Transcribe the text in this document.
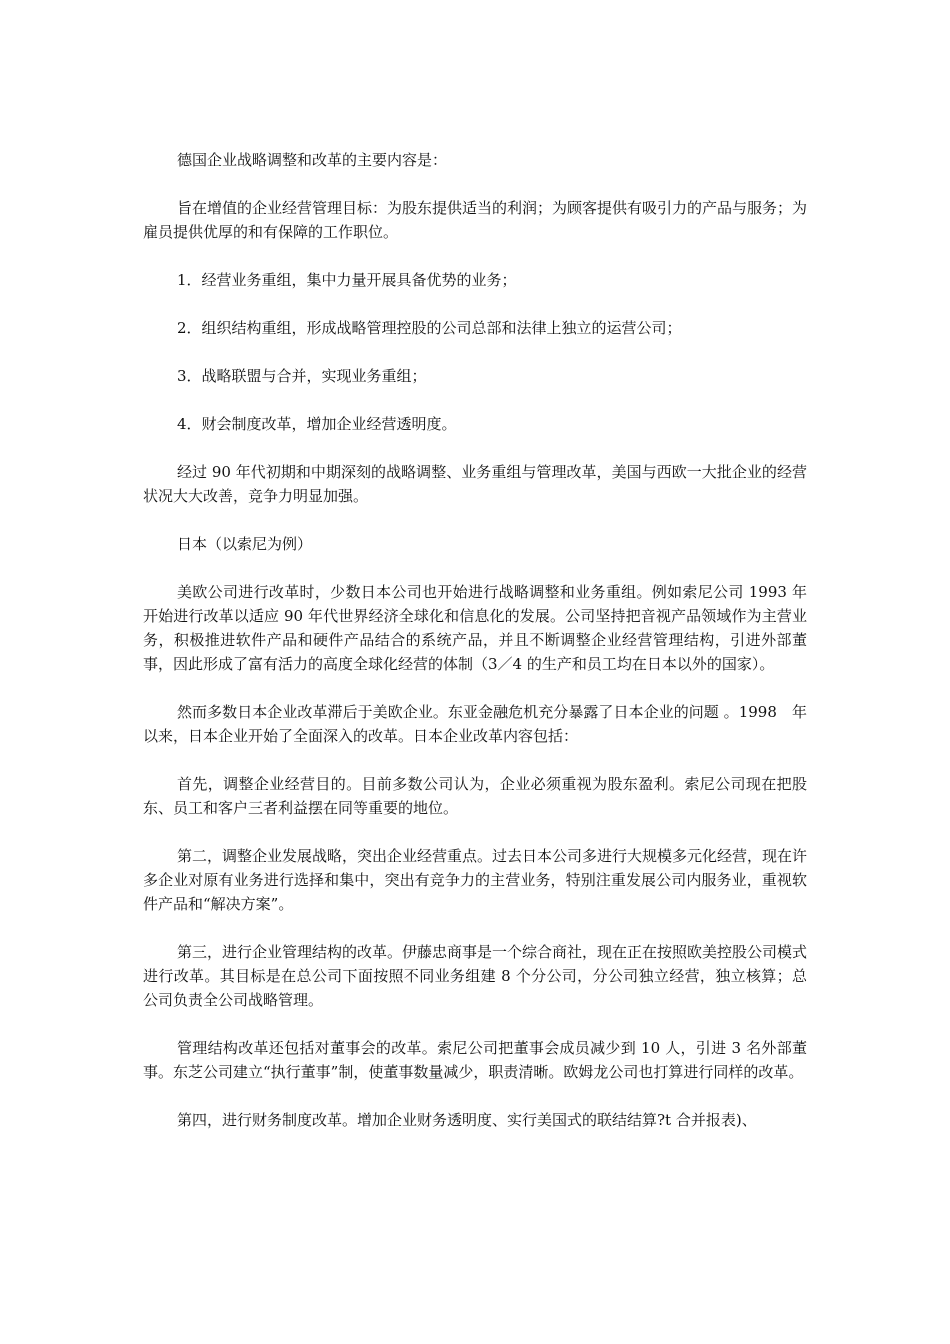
德国企业战略调整和改革的主要内容是：

旨在增值的企业经营管理目标：为股东提供适当的利润；为顾客提供有吸引力的产品与服务；为雇员提供优厚的和有保障的工作职位。

1．经营业务重组，集中力量开展具备优势的业务；

2．组织结构重组，形成战略管理控股的公司总部和法律上独立的运营公司；

3．战略联盟与合并，实现业务重组；

4．财会制度改革，增加企业经营透明度。

经过 90 年代初期和中期深刻的战略调整、业务重组与管理改革，美国与西欧一大批企业的经营状况大大改善，竞争力明显加强。

日本（以索尼为例）

美欧公司进行改革时，少数日本公司也开始进行战略调整和业务重组。例如索尼公司 1993 年开始进行改革以适应 90 年代世界经济全球化和信息化的发展。公司坚持把音视产品领域作为主营业务，积极推进软件产品和硬件产品结合的系统产品，并且不断调整企业经营管理结构，引进外部董事，因此形成了富有活力的高度全球化经营的体制（3／4 的生产和员工均在日本以外的国家）。

然而多数日本企业改革滞后于美欧企业。东亚金融危机充分暴露了日本企业的问题 。1998　年以来，日本企业开始了全面深入的改革。日本企业改革内容包括：

首先，调整企业经营目的。目前多数公司认为，企业必须重视为股东盈利。索尼公司现在把股东、员工和客户三者利益摆在同等重要的地位。

第二，调整企业发展战略，突出企业经营重点。过去日本公司多进行大规模多元化经营，现在许多企业对原有业务进行选择和集中，突出有竞争力的主营业务，特别注重发展公司内服务业，重视软件产品和“解决方案”。

第三，进行企业管理结构的改革。伊藤忠商事是一个综合商社，现在正在按照欧美控股公司模式进行改革。其目标是在总公司下面按照不同业务组建 8 个分公司，分公司独立经营，独立核算；总公司负责全公司战略管理。

管理结构改革还包括对董事会的改革。索尼公司把董事会成员减少到 10 人，引进 3 名外部董事。东芝公司建立“执行董事”制，使董事数量减少，职责清晰。欧姆龙公司也打算进行同样的改革。

第四，进行财务制度改革。增加企业财务透明度、实行美国式的联结结算?t 合并报表)、
